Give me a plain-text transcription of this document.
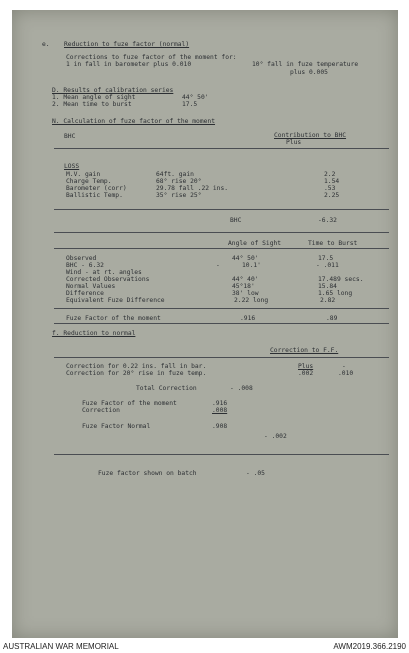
e. Reduction to fuze factor (normal)
Corrections to fuze factor of the moment for:
1 in fall in barometer plus 0.010	10° fall in fuze temperature
plus 0.005
D. Results of calibration series
1. Mean angle of sight	44° 50'
2. Mean time to burst	17.5
N. Calculation of fuze factor of the moment
BHC	Contribution to BHC
Plus
LOSS
M.V. gain	64ft. gain	2.2
Charge Temp.	68° rise 20°	1.54
Barometer (corr)	29.78 fall .22 ins.	.53
Ballistic Temp.	35° rise 25°	2.25
BHC	-6.32
Angle of Sight	Time to Burst
Observed	44° 50'	17.5
BHC - 6.32	-	10.1'	- .011
Wind - at rt. angles
Corrected Observations	44° 40'	17.489 secs.
Normal Values	45°18'	15.84
Difference	38' low	1.65 long
Equivalent Fuze Difference	2.22 long	2.82
Fuze Factor of the moment	.916	.89
f. Reduction to normal
Correction to F.F.
Correction for 0.22 ins. fall in bar.	Plus	-
Correction for 20° rise in fuze temp.	.002	.010
Total Correction	- .008
Fuze Factor of the moment	.916
Correction	.008
Fuze Factor Normal	.908
- .002
Fuze factor shown on batch	- .05
AUSTRALIAN WAR MEMORIAL	AWM2019.366.2190
